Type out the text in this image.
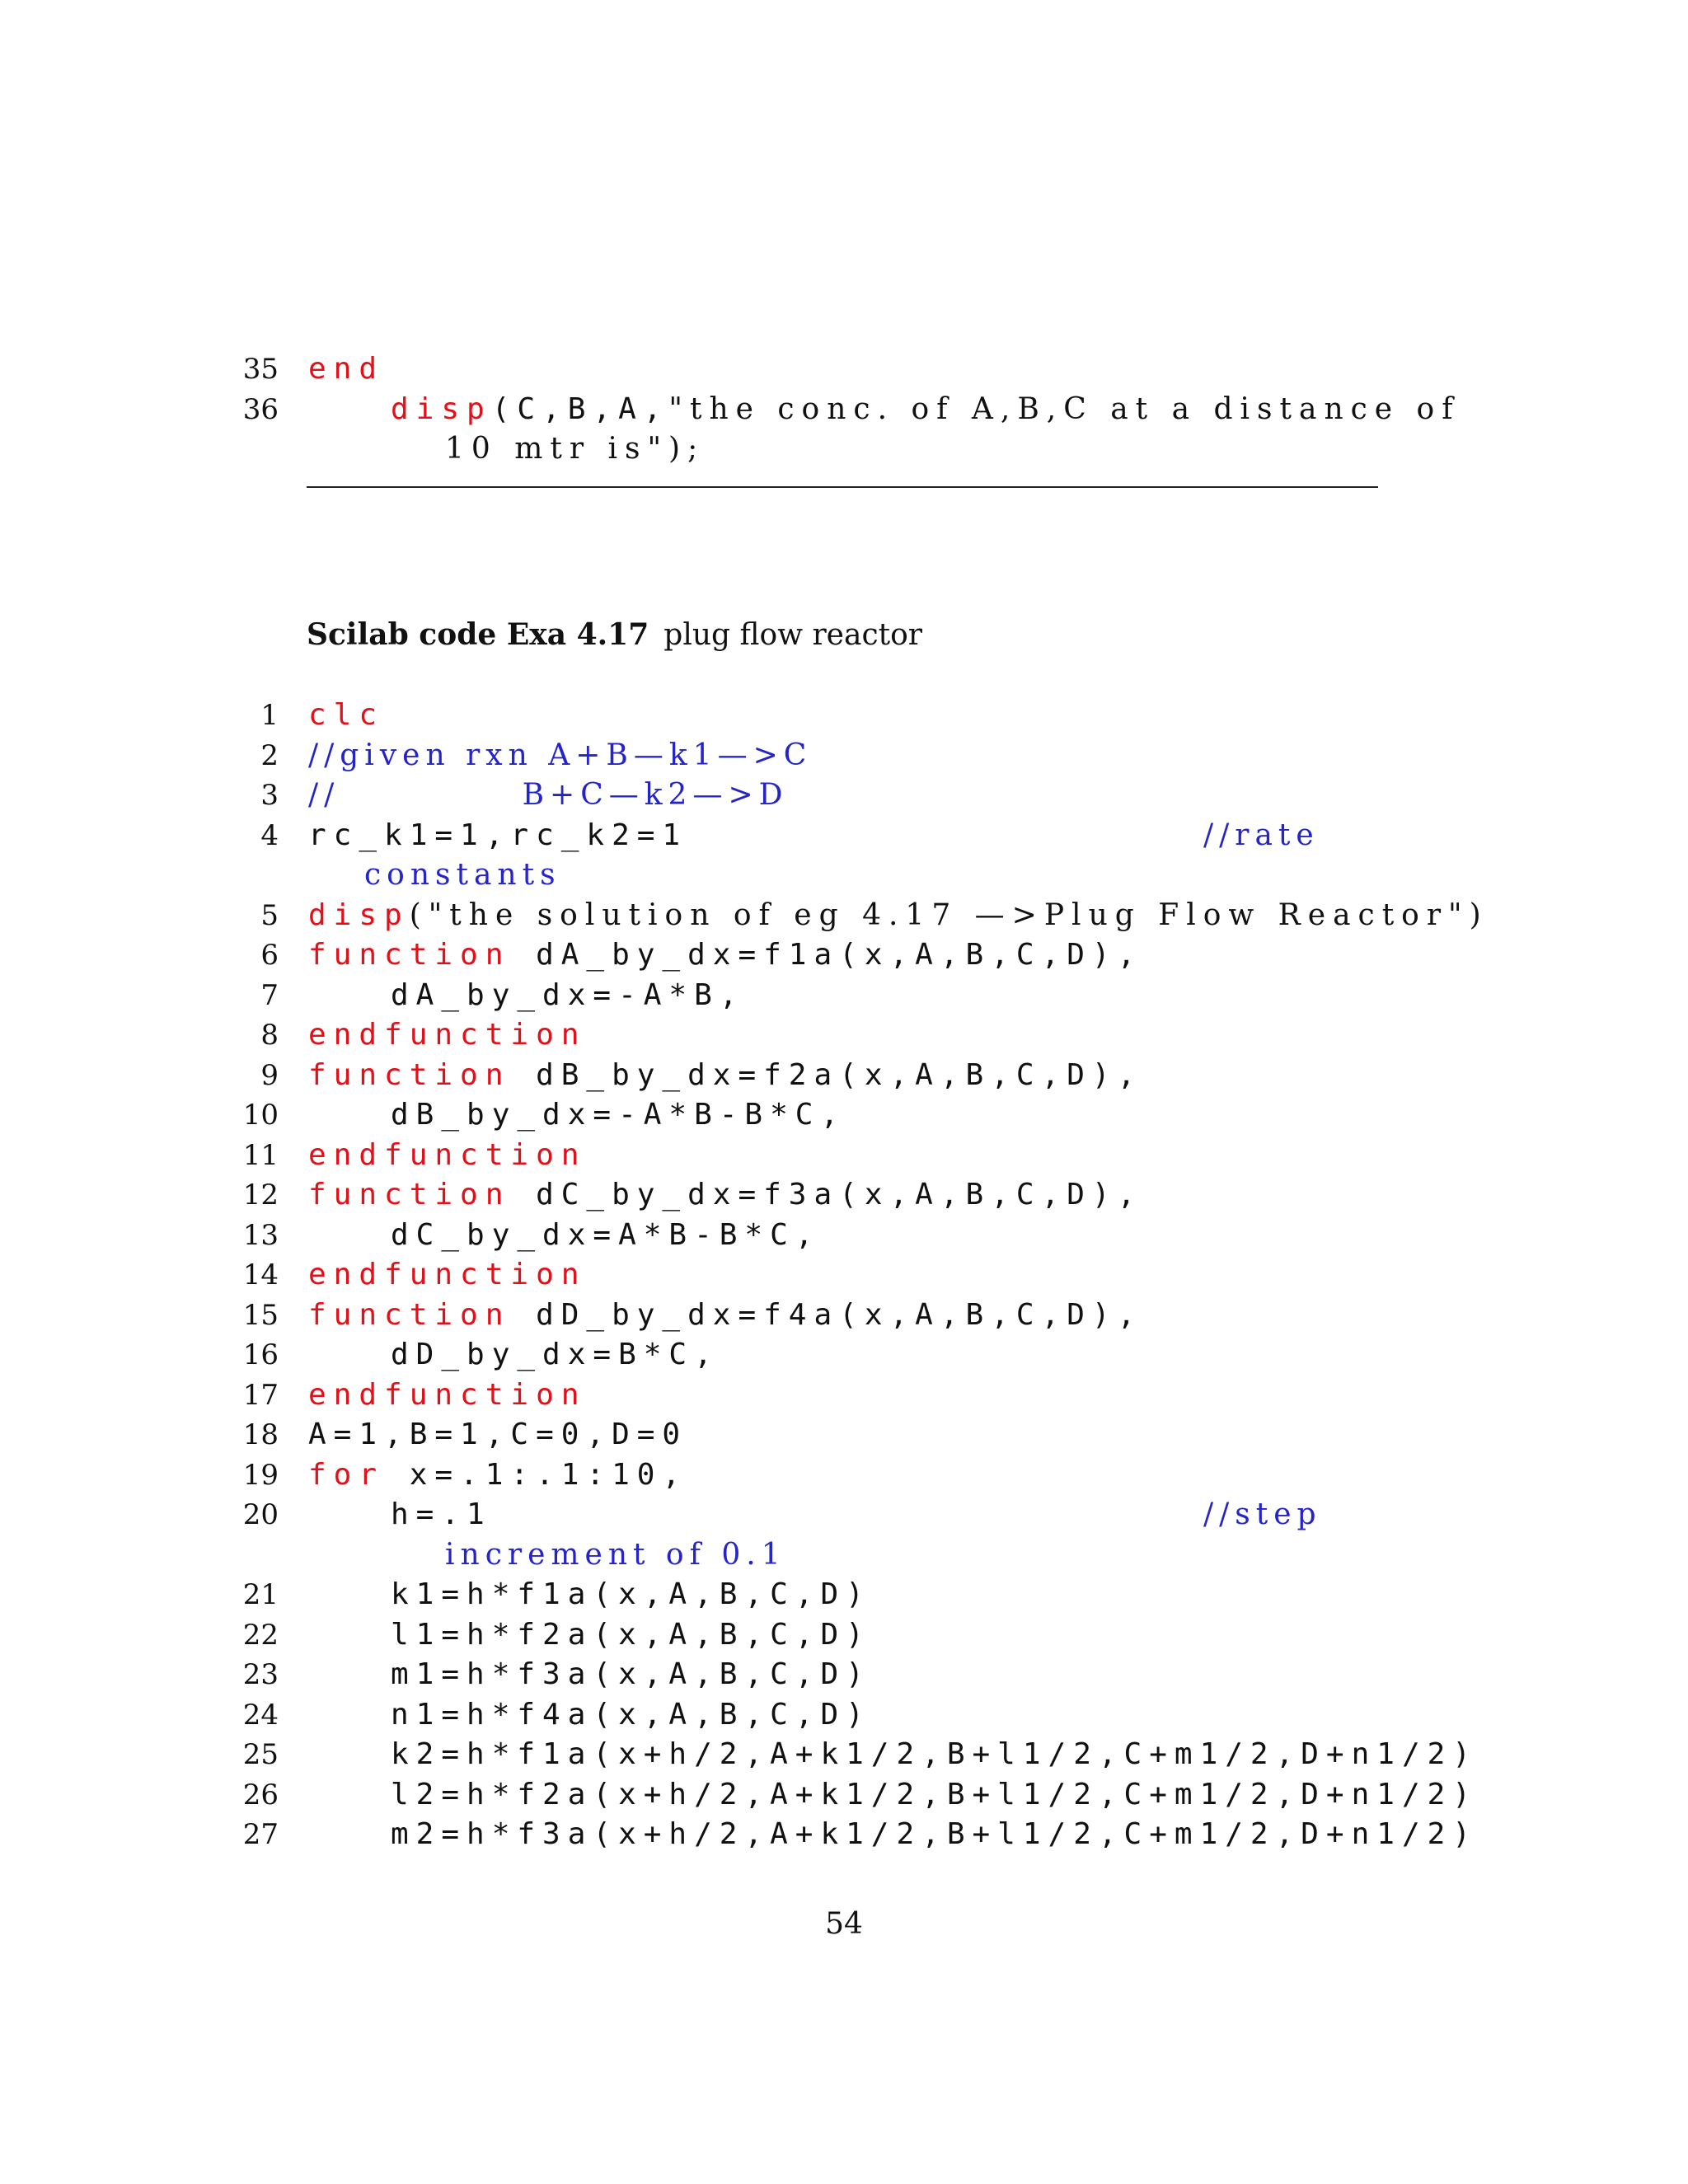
35

end

36

	disp(C,B,A,"the conc. of A,B,C at a distance of

10 mtr is");

Scilab code Exa 4.17 plug flow reactor
1 clc
2 //given rxn A+B—k1—>C
3 //            B+C—k2—>D
4 rc_k1=1,rc_k2=1	//rate
constants
5 disp("the solution of eg 4.17 —>Plug Flow Reactor")
6 function dA_by_dx=f1a(x,A,B,C,D),
7	dA_by_dx=-A*B,
8 endfunction
9 function dB_by_dx=f2a(x,A,B,C,D),
10	dB_by_dx=-A*B-B*C,
11 endfunction
12 function dC_by_dx=f3a(x,A,B,C,D),
13	dC_by_dx=A*B-B*C,
14 endfunction
15 function dD_by_dx=f4a(x,A,B,C,D),
16	dD_by_dx=B*C,
17 endfunction
18 A=1,B=1,C=0,D=0
19 for x=.1:.1:10,
20	h=.1	//step
increment of 0.1
21	k1=h*f1a(x,A,B,C,D)
22	l1=h*f2a(x,A,B,C,D)
23	m1=h*f3a(x,A,B,C,D)
24	n1=h*f4a(x,A,B,C,D)
25	k2=h*f1a(x+h/2,A+k1/2,B+l1/2,C+m1/2,D+n1/2)
26	l2=h*f2a(x+h/2,A+k1/2,B+l1/2,C+m1/2,D+n1/2)
27	m2=h*f3a(x+h/2,A+k1/2,B+l1/2,C+m1/2,D+n1/2)
54
